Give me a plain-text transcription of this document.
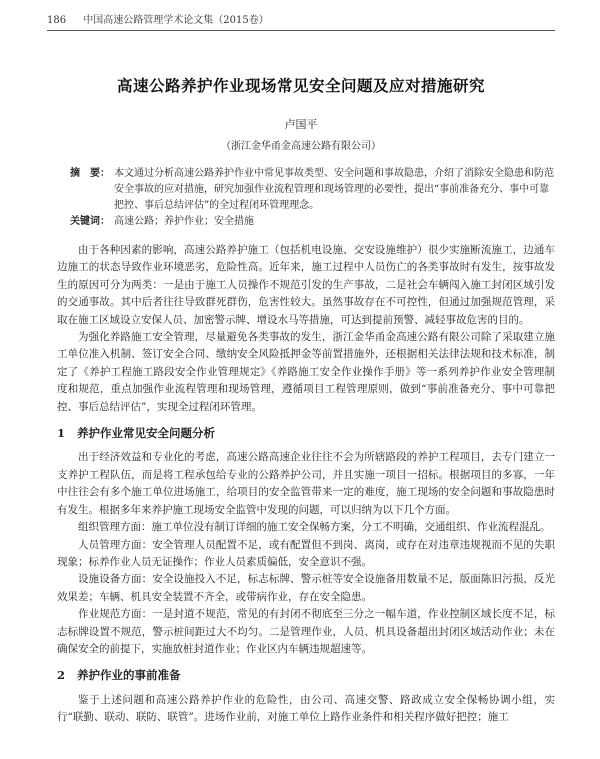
186 中国高速公路管理学术论文集（2015卷）
高速公路养护作业现场常见安全问题及应对措施研究
卢国平
（浙江金华甬金高速公路有限公司）
摘　要： 本文通过分析高速公路养护作业中常见事故类型、安全问题和事故隐患，介绍了消除安全隐患和防范安全事故的应对措施，研究加强作业流程管理和现场管理的必要性，提出“事前准备充分、事中可靠把控、事后总结评估”的全过程闭环管理理念。
关键词： 高速公路；养护作业；安全措施

由于各种因素的影响，高速公路养护施工（包括机电设施、交安设施维护）很少实施断流施工，边通车边施工的状态导致作业环境恶劣，危险性高。近年来，施工过程中人员伤亡的各类事故时有发生，按事故发生的原因可分为两类：一是由于施工人员操作不规范引发的生产事故，二是社会车辆闯入施工封闭区域引发的交通事故。其中后者往往导致群死群伤，危害性较大。虽然事故存在不可控性，但通过加强规范管理，采取在施工区域设立安保人员、加密警示牌、增设水马等措施，可达到提前预警、减轻事故危害的目的。

为强化养路施工安全管理，尽量避免各类事故的发生，浙江金华甬金高速公路有限公司除了采取建立施工单位准入机制、签订安全合同、缴纳安全风险抵押金等前置措施外，还根据相关法律法规和技术标准，制定了《养护工程施工路段安全作业管理规定》《养路施工安全作业操作手册》等一系列养护作业安全管理制度和规范，重点加强作业流程管理和现场管理，遵循项目工程管理原则，做到“事前准备充分、事中可靠把控、事后总结评估”，实现全过程闭环管理。

1 养护作业常见安全问题分析

出于经济效益和专业化的考虑，高速公路高速企业往往不会为所辖路段的养护工程项目，去专门建立一支养护工程队伍，而是将工程承包给专业的公路养护公司，并且实施一项目一招标。根据项目的多寡，一年中往往会有多个施工单位进场施工，给项目的安全监管带来一定的难度，施工现场的安全问题和事故隐患时有发生。根据多年来养护施工现场安全监管中发现的问题，可以归纳为以下几个方面。

组织管理方面：施工单位没有制订详细的施工安全保畅方案，分工不明确，交通组织、作业流程混乱。

人员管理方面：安全管理人员配置不足，或有配置但不到岗、离岗，或存在对违章违规视而不见的失职现象；标养作业人员无证操作；作业人员素质偏低，安全意识不强。

设施设备方面：安全设施投入不足，标志标牌、警示桩等安全设施备用数量不足，版面陈旧污损，反光效果差；车辆、机具安全装置不齐全，或带病作业，存在安全隐患。

作业规范方面：一是封道不规范，常见的有封闭不彻底至三分之一幅车道，作业控制区域长度不足，标志标牌设置不规范，警示桩间距过大不均匀。二是管理作业，人员、机具设备超出封闭区域活动作业；未在确保安全的前提下，实施放桩封道作业；作业区内车辆违规超速等。

2 养护作业的事前准备

鉴于上述问题和高速公路养护作业的危险性，由公司、高速交警、路政成立安全保畅协调小组，实行“联勤、联动、联防、联管”。进场作业前，对施工单位上路作业条件和相关程序做好把控；施工
